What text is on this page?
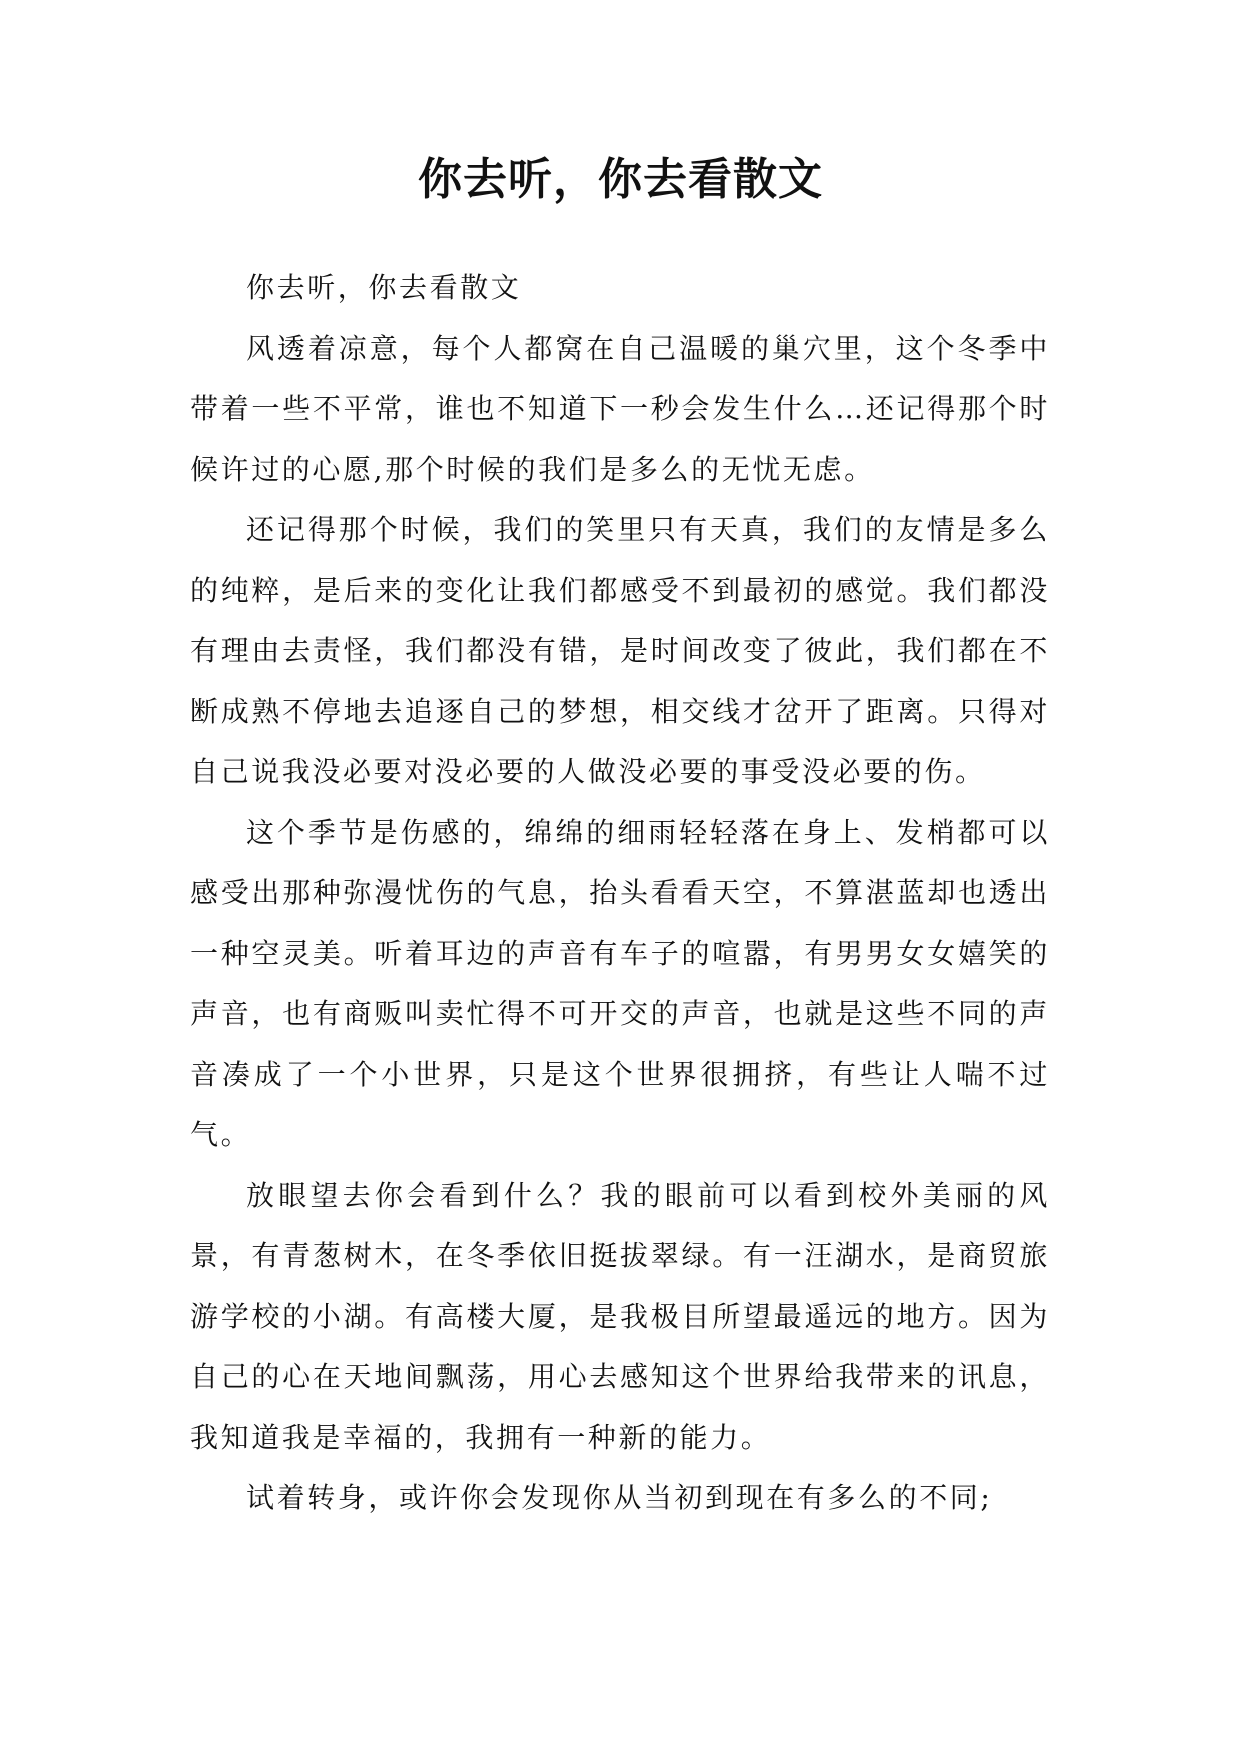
你去听，你去看散文

你去听，你去看散文

风透着凉意，每个人都窝在自己温暖的巢穴里，这个冬季中带着一些不平常，谁也不知道下一秒会发生什么…还记得那个时候许过的心愿,那个时候的我们是多么的无忧无虑。

还记得那个时候，我们的笑里只有天真，我们的友情是多么的纯粹，是后来的变化让我们都感受不到最初的感觉。我们都没有理由去责怪，我们都没有错，是时间改变了彼此，我们都在不断成熟不停地去追逐自己的梦想，相交线才岔开了距离。只得对自己说我没必要对没必要的人做没必要的事受没必要的伤。

这个季节是伤感的，绵绵的细雨轻轻落在身上、发梢都可以感受出那种弥漫忧伤的气息，抬头看看天空，不算湛蓝却也透出一种空灵美。听着耳边的声音有车子的喧嚣，有男男女女嬉笑的声音，也有商贩叫卖忙得不可开交的声音，也就是这些不同的声音凑成了一个小世界，只是这个世界很拥挤，有些让人喘不过气。

放眼望去你会看到什么？我的眼前可以看到校外美丽的风景，有青葱树木，在冬季依旧挺拔翠绿。有一汪湖水，是商贸旅游学校的小湖。有高楼大厦，是我极目所望最遥远的地方。因为自己的心在天地间飘荡，用心去感知这个世界给我带来的讯息，我知道我是幸福的，我拥有一种新的能力。

试着转身，或许你会发现你从当初到现在有多么的不同;
